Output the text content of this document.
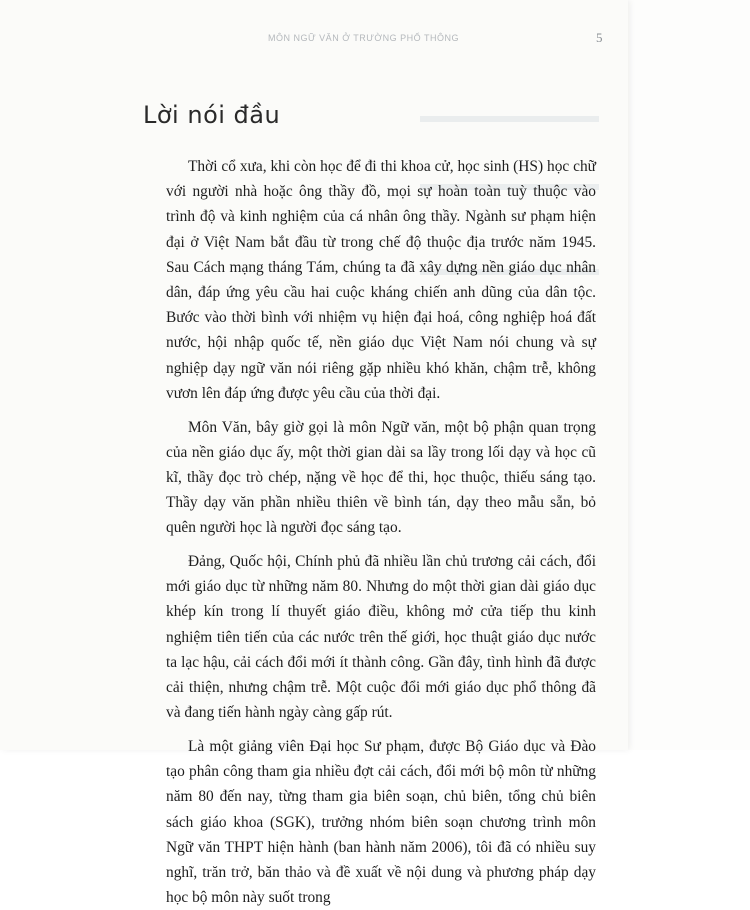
MÔN NGỮ VĂN Ở TRƯỜNG PHỔ THÔNG	5
Lời nói đầu

Thời cổ xưa, khi còn học để đi thi khoa cử, học sinh (HS) học chữ với người nhà hoặc ông thầy đồ, mọi sự hoàn toàn tuỳ thuộc vào trình độ và kinh nghiệm của cá nhân ông thầy. Ngành sư phạm hiện đại ở Việt Nam bắt đầu từ trong chế độ thuộc địa trước năm 1945. Sau Cách mạng tháng Tám, chúng ta đã xây dựng nền giáo dục nhân dân, đáp ứng yêu cầu hai cuộc kháng chiến anh dũng của dân tộc. Bước vào thời bình với nhiệm vụ hiện đại hoá, công nghiệp hoá đất nước, hội nhập quốc tế, nền giáo dục Việt Nam nói chung và sự nghiệp dạy ngữ văn nói riêng gặp nhiều khó khăn, chậm trễ, không vươn lên đáp ứng được yêu cầu của thời đại.

Môn Văn, bây giờ gọi là môn Ngữ văn, một bộ phận quan trọng của nền giáo dục ấy, một thời gian dài sa lầy trong lối dạy và học cũ kĩ, thầy đọc trò chép, nặng về học để thi, học thuộc, thiếu sáng tạo. Thầy dạy văn phần nhiều thiên về bình tán, dạy theo mẫu sẵn, bỏ quên người học là người đọc sáng tạo.

Đảng, Quốc hội, Chính phủ đã nhiều lần chủ trương cải cách, đổi mới giáo dục từ những năm 80. Nhưng do một thời gian dài giáo dục khép kín trong lí thuyết giáo điều, không mở cửa tiếp thu kinh nghiệm tiên tiến của các nước trên thế giới, học thuật giáo dục nước ta lạc hậu, cải cách đổi mới ít thành công. Gần đây, tình hình đã được cải thiện, nhưng chậm trễ. Một cuộc đổi mới giáo dục phổ thông đã và đang tiến hành ngày càng gấp rút.

Là một giảng viên Đại học Sư phạm, được Bộ Giáo dục và Đào tạo phân công tham gia nhiều đợt cải cách, đổi mới bộ môn từ những năm 80 đến nay, từng tham gia biên soạn, chủ biên, tổng chủ biên sách giáo khoa (SGK), trưởng nhóm biên soạn chương trình môn Ngữ văn THPT hiện hành (ban hành năm 2006), tôi đã có nhiều suy nghĩ, trăn trở, băn thảo và đề xuất về nội dung và phương pháp dạy học bộ môn này suốt trong
